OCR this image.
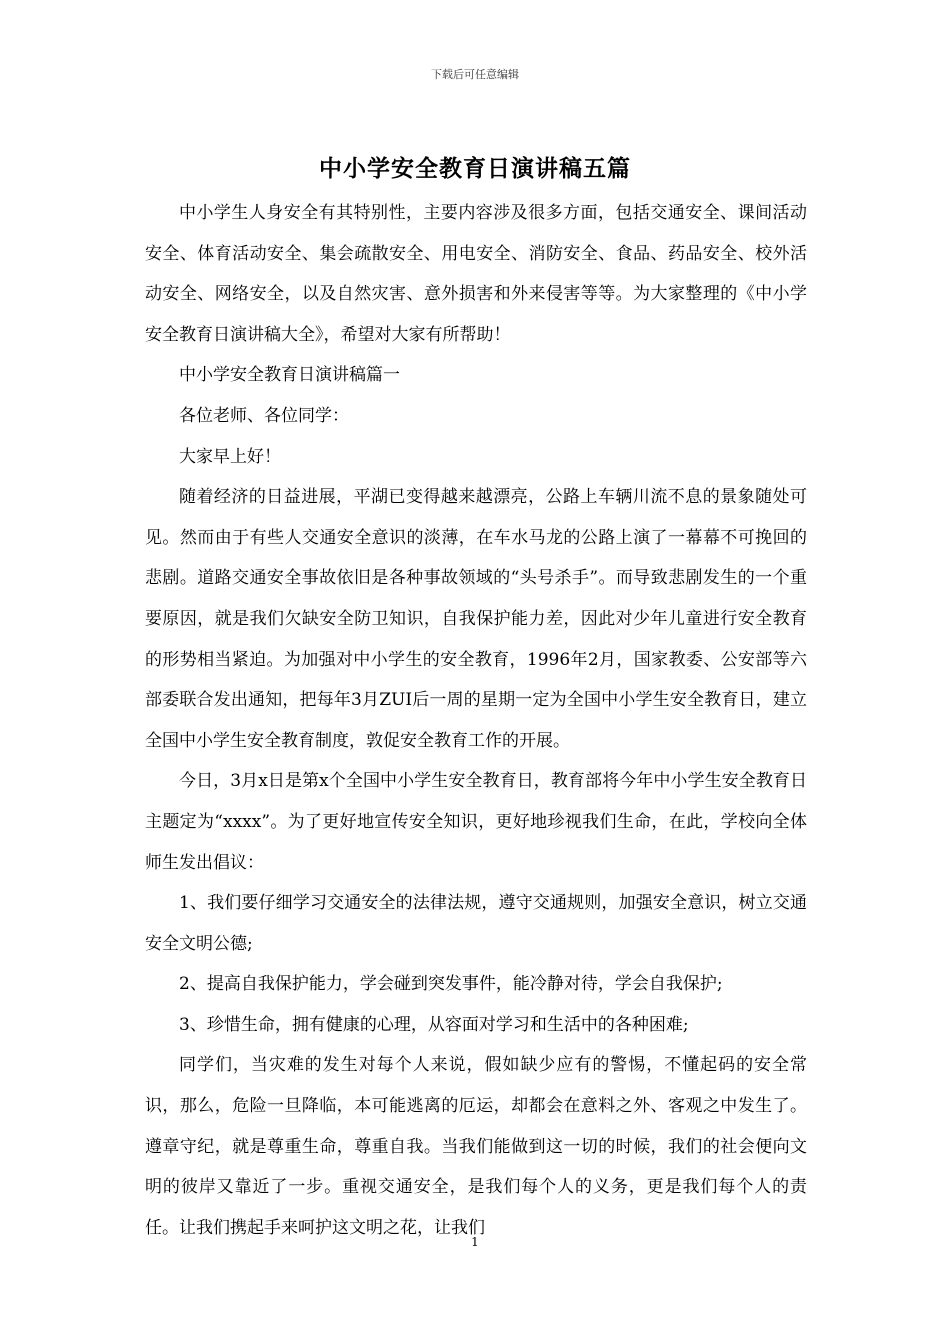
下载后可任意编辑
中小学安全教育日演讲稿五篇

中小学生人身安全有其特别性，主要内容涉及很多方面，包括交通安全、课间活动安全、体育活动安全、集会疏散安全、用电安全、消防安全、食品、药品安全、校外活动安全、网络安全，以及自然灾害、意外损害和外来侵害等等。为大家整理的《中小学安全教育日演讲稿大全》，希望对大家有所帮助！

中小学安全教育日演讲稿篇一

各位老师、各位同学：

大家早上好！

随着经济的日益进展，平湖已变得越来越漂亮，公路上车辆川流不息的景象随处可见。然而由于有些人交通安全意识的淡薄，在车水马龙的公路上演了一幕幕不可挽回的悲剧。道路交通安全事故依旧是各种事故领域的“头号杀手”。而导致悲剧发生的一个重要原因，就是我们欠缺安全防卫知识，自我保护能力差，因此对少年儿童进行安全教育的形势相当紧迫。为加强对中小学生的安全教育，1996年2月，国家教委、公安部等六部委联合发出通知，把每年3月ZUI后一周的星期一定为全国中小学生安全教育日，建立全国中小学生安全教育制度，敦促安全教育工作的开展。

今日，3月x日是第x个全国中小学生安全教育日，教育部将今年中小学生安全教育日主题定为“xxxx”。为了更好地宣传安全知识，更好地珍视我们生命，在此，学校向全体师生发出倡议：

1、我们要仔细学习交通安全的法律法规，遵守交通规则，加强安全意识，树立交通安全文明公德;

2、提高自我保护能力，学会碰到突发事件，能冷静对待，学会自我保护;

3、珍惜生命，拥有健康的心理，从容面对学习和生活中的各种困难;

同学们，当灾难的发生对每个人来说，假如缺少应有的警惕，不懂起码的安全常识，那么，危险一旦降临，本可能逃离的厄运，却都会在意料之外、客观之中发生了。遵章守纪，就是尊重生命，尊重自我。当我们能做到这一切的时候，我们的社会便向文明的彼岸又靠近了一步。重视交通安全，是我们每个人的义务，更是我们每个人的责任。让我们携起手来呵护这文明之花，让我们

1
